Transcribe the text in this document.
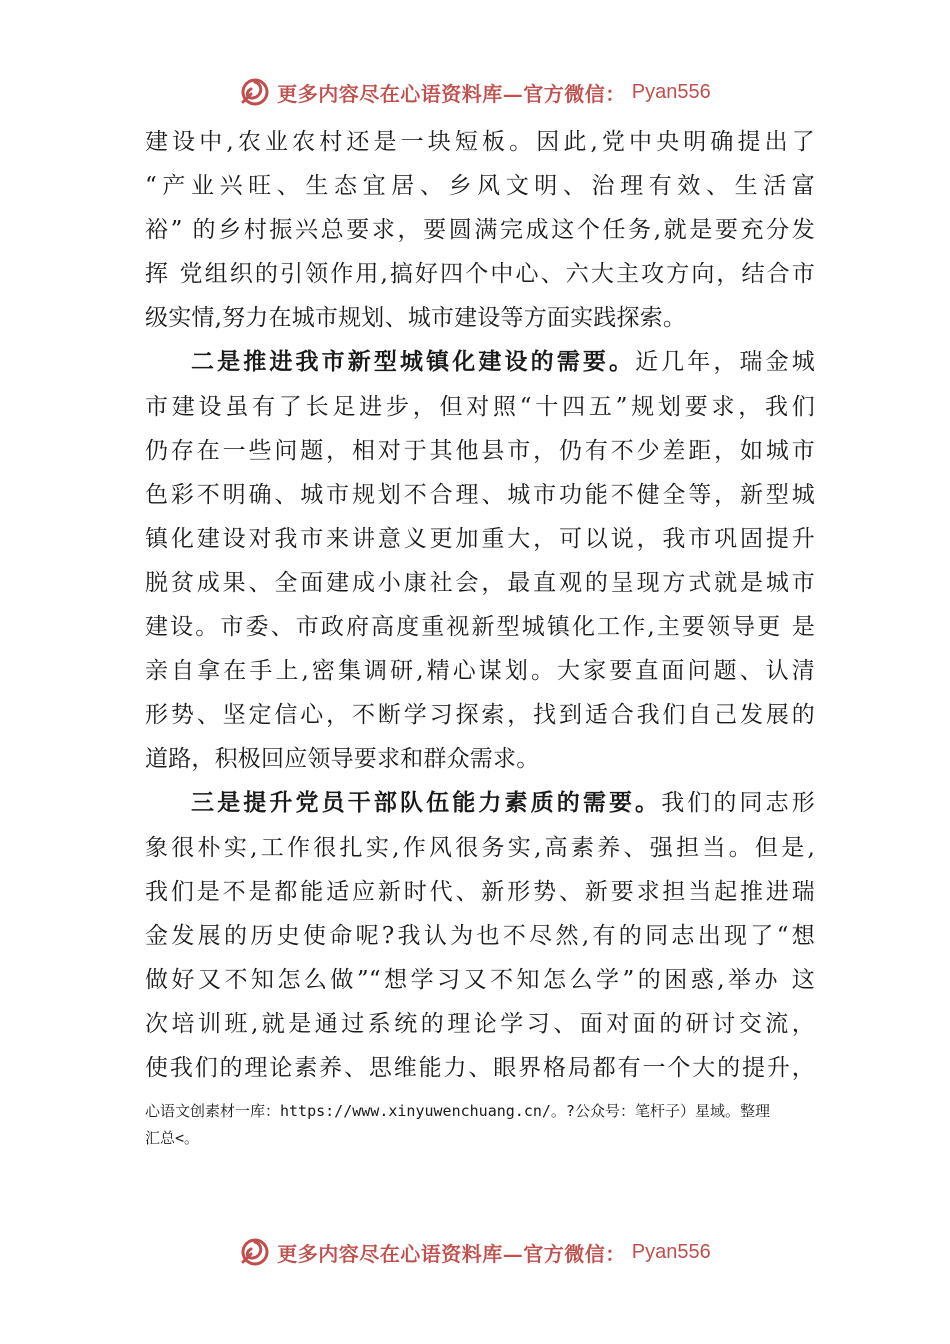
更多内容尽在心语资料库—官方微信： Pyan556
建设中,农业农村还是一块短板。因此,党中央明确提出了
“产业兴旺、生态宜居、乡风文明、治理有效、生活富
裕” 的乡村振兴总要求，要圆满完成这个任务,就是要充分发
挥 党组织的引领作用,搞好四个中心、六大主攻方向，结合市
级实情,努力在城市规划、城市建设等方面实践探索。
二是推进我市新型城镇化建设的需要。近几年，瑞金城
市建设虽有了长足进步，但对照“十四五”规划要求，我们
仍存在一些问题，相对于其他县市，仍有不少差距，如城市
色彩不明确、城市规划不合理、城市功能不健全等，新型城
镇化建设对我市来讲意义更加重大，可以说，我市巩固提升
脱贫成果、全面建成小康社会，最直观的呈现方式就是城市
建设。市委、市政府高度重视新型城镇化工作,主要领导更 是
亲自拿在手上,密集调研,精心谋划。大家要直面问题、认清
形势、坚定信心，不断学习探索，找到适合我们自己发展的
道路，积极回应领导要求和群众需求。
三是提升党员干部队伍能力素质的需要。我们的同志形
象很朴实,工作很扎实,作风很务实,高素养、强担当。但是,
我们是不是都能适应新时代、新形势、新要求担当起推进瑞
金发展的历史使命呢?我认为也不尽然,有的同志出现了“想
做好又不知怎么做”“想学习又不知怎么学”的困惑,举办 这
次培训班,就是通过系统的理论学习、面对面的研讨交流，
使我们的理论素养、思维能力、眼界格局都有一个大的提升，
心语文创素材一库：https://www.xinyuwenchuang.cn/。?公众号：笔杆子）星域。整理
汇总<。
更多内容尽在心语资料库—官方微信： Pyan556
